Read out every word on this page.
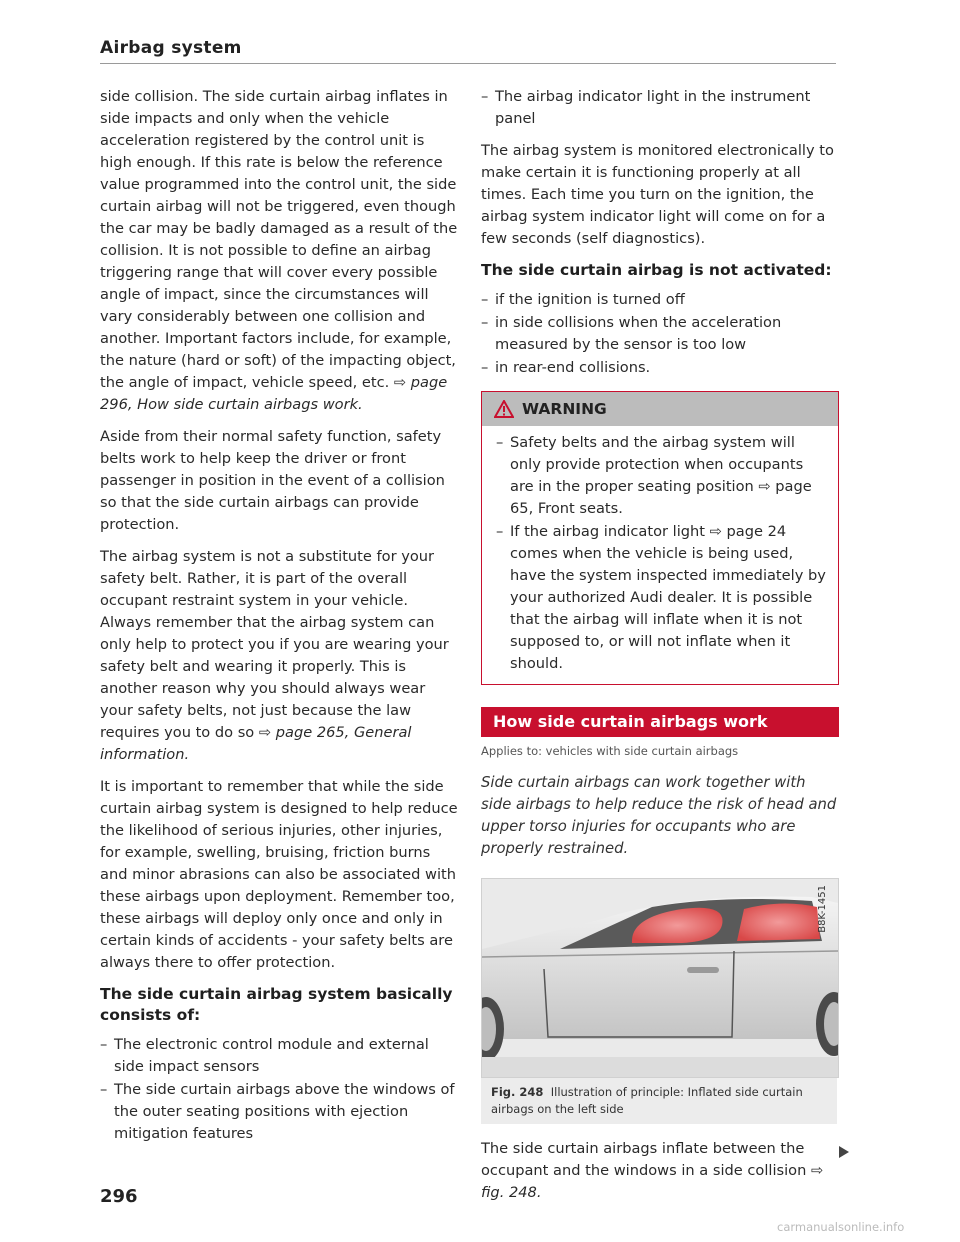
Airbag system

side collision. The side curtain airbag inflates in side impacts and only when the vehicle acceleration registered by the control unit is high enough. If this rate is below the reference value programmed into the control unit, the side curtain airbag will not be triggered, even though the car may be badly damaged as a result of the collision. It is not possible to define an airbag triggering range that will cover every possible angle of impact, since the circumstances will vary considerably between one collision and another. Important factors include, for example, the nature (hard or soft) of the impacting object, the angle of impact, vehicle speed, etc. ⇨ page 296, How side curtain airbags work.

Aside from their normal safety function, safety belts work to help keep the driver or front passenger in position in the event of a collision so that the side curtain airbags can provide protection.

The airbag system is not a substitute for your safety belt. Rather, it is part of the overall occupant restraint system in your vehicle. Always remember that the airbag system can only help to protect you if you are wearing your safety belt and wearing it properly. This is another reason why you should always wear your safety belts, not just because the law requires you to do so ⇨ page 265, General information.

It is important to remember that while the side curtain airbag system is designed to help reduce the likelihood of serious injuries, other injuries, for example, swelling, bruising, friction burns and minor abrasions can also be associated with these airbags upon deployment. Remember too, these airbags will deploy only once and only in certain kinds of accidents - your safety belts are always there to offer protection.

The side curtain airbag system basically consists of:
– The electronic control module and external side impact sensors
– The side curtain airbags above the windows of the outer seating positions with ejection mitigation features
– The airbag indicator light in the instrument panel

The airbag system is monitored electronically to make certain it is functioning properly at all times. Each time you turn on the ignition, the airbag system indicator light will come on for a few seconds (self diagnostics).

The side curtain airbag is not activated:
– if the ignition is turned off
– in side collisions when the acceleration measured by the sensor is too low
– in rear-end collisions.
WARNING
– Safety belts and the airbag system will only provide protection when occupants are in the proper seating position ⇨ page 65, Front seats.
– If the airbag indicator light ⇨ page 24 comes when the vehicle is being used, have the system inspected immediately by your authorized Audi dealer. It is possible that the airbag will inflate when it is not supposed to, or will not inflate when it should.
How side curtain airbags work
Applies to: vehicles with side curtain airbags
Side curtain airbags can work together with side airbags to help reduce the risk of head and upper torso injuries for occupants who are properly restrained.
B8K-1451
Fig. 248 Illustration of principle: Inflated side curtain airbags on the left side

The side curtain airbags inflate between the occupant and the windows in a side collision ⇨ fig. 248.

296
carmanualsonline.info
